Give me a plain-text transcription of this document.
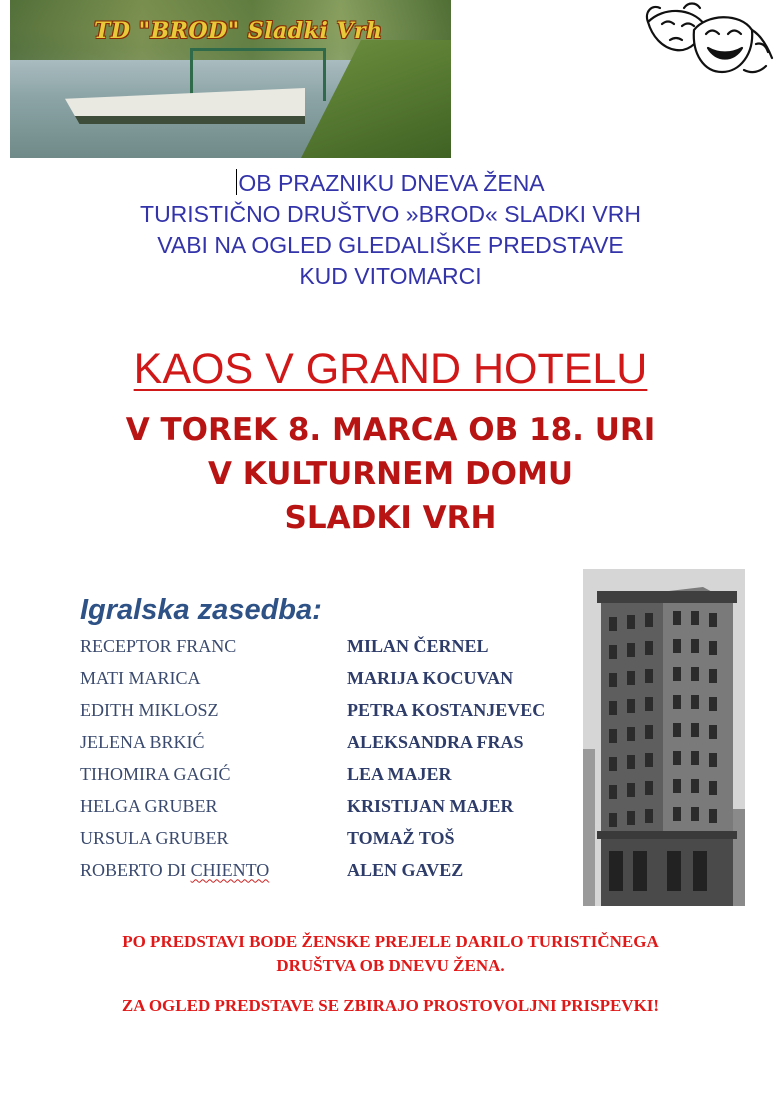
TD "BROD" Sladki Vrh
OB PRAZNIKU DNEVA ŽENA
TURISTIČNO DRUŠTVO »BROD« SLADKI VRH
VABI NA OGLED GLEDALIŠKE PREDSTAVE
KUD VITOMARCI
KAOS V GRAND HOTELU
V TOREK 8. MARCA OB 18. URI
V KULTURNEM DOMU
SLADKI VRH
Igralska zasedba:
RECEPTOR FRANC	MILAN ČERNEL
MATI MARICA	MARIJA KOCUVAN
EDITH MIKLOSZ	PETRA KOSTANJEVEC
JELENA BRKIĆ	ALEKSANDRA FRAS
TIHOMIRA GAGIĆ	LEA MAJER
HELGA GRUBER	KRISTIJAN MAJER
URSULA GRUBER	TOMAŽ TOŠ
ROBERTO DI CHIENTO	ALEN GAVEZ
PO PREDSTAVI BODE ŽENSKE PREJELE DARILO TURISTIČNEGA
DRUŠTVA OB DNEVU ŽENA.
ZA OGLED PREDSTAVE SE ZBIRAJO PROSTOVOLJNI PRISPEVKI!
